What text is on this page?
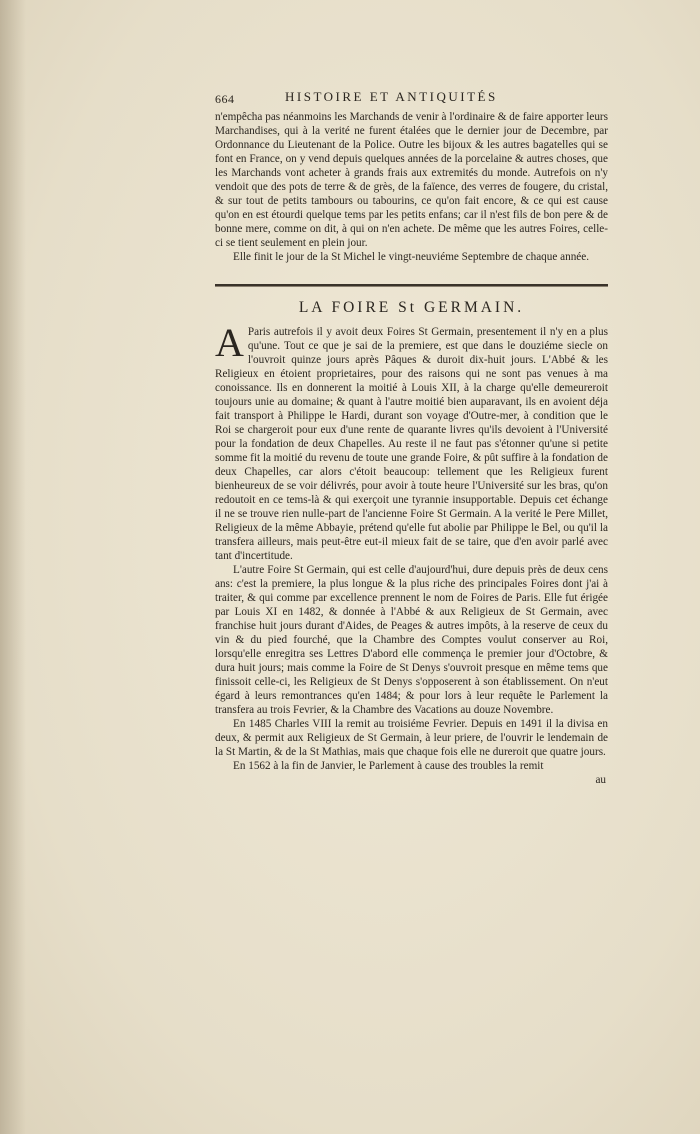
664	HISTOIRE ET ANTIQUITÉS

n'empêcha pas néanmoins les Marchands de venir à l'ordinaire & de faire apporter leurs Marchandises, qui à la verité ne furent étalées que le dernier jour de Decembre, par Ordonnance du Lieutenant de la Police. Outre les bijoux & les autres bagatelles qui se font en France, on y vend depuis quelques années de la porcelaine & autres choses, que les Marchands vont acheter à grands frais aux extremités du monde. Autrefois on n'y vendoit que des pots de terre & de grès, de la faïence, des verres de fougere, du cristal, & sur tout de petits tambours ou tabourins, ce qu'on fait encore, & ce qui est cause qu'on en est étourdi quelque tems par les petits enfans; car il n'est fils de bon pere & de bonne mere, comme on dit, à qui on n'en achete. De même que les autres Foires, celle-ci se tient seulement en plein jour.

Elle finit le jour de la St Michel le vingt-neuviéme Septembre de chaque année.

LA FOIRE St GERMAIN.

A Paris autrefois il y avoit deux Foires St Germain, presentement il n'y en a plus qu'une. Tout ce que je sai de la premiere, est que dans le douziéme siecle on l'ouvroit quinze jours après Pâques & duroit dix-huit jours. L'Abbé & les Religieux en étoient proprietaires, pour des raisons qui ne sont pas venues à ma conoissance. Ils en donnerent la moitié à Louis XII, à la charge qu'elle demeureroit toujours unie au domaine; & quant à l'autre moitié bien auparavant, ils en avoient déja fait transport à Philippe le Hardi, durant son voyage d'Outre-mer, à condition que le Roi se chargeroit pour eux d'une rente de quarante livres qu'ils devoient à l'Université pour la fondation de deux Chapelles. Au reste il ne faut pas s'étonner qu'une si petite somme fit la moitié du revenu de toute une grande Foire, & pût suffire à la fondation de deux Chapelles, car alors c'étoit beaucoup: tellement que les Religieux furent bienheureux de se voir délivrés, pour avoir à toute heure l'Université sur les bras, qu'on redoutoit en ce tems-là & qui exerçoit une tyrannie insupportable. Depuis cet échange il ne se trouve rien nulle-part de l'ancienne Foire St Germain. A la verité le Pere Millet, Religieux de la même Abbayie, prétend qu'elle fut abolie par Philippe le Bel, ou qu'il la transfera ailleurs, mais peut-être eut-il mieux fait de se taire, que d'en avoir parlé avec tant d'incertitude.

L'autre Foire St Germain, qui est celle d'aujourd'hui, dure depuis près de deux cens ans: c'est la premiere, la plus longue & la plus riche des principales Foires dont j'ai à traiter, & qui comme par excellence prennent le nom de Foires de Paris. Elle fut érigée par Louis XI en 1482, & donnée à l'Abbé & aux Religieux de St Germain, avec franchise huit jours durant d'Aides, de Peages & autres impôts, à la reserve de ceux du vin & du pied fourché, que la Chambre des Comptes voulut conserver au Roi, lorsqu'elle enregitra ses Lettres D'abord elle commença le premier jour d'Octobre, & dura huit jours; mais comme la Foire de St Denys s'ouvroit presque en même tems que finissoit celle-ci, les Religieux de St Denys s'opposerent à son établissement. On n'eut égard à leurs remontrances qu'en 1484; & pour lors à leur requête le Parlement la transfera au trois Fevrier, & la Chambre des Vacations au douze Novembre.

En 1485 Charles VIII la remit au troisiéme Fevrier. Depuis en 1491 il la divisa en deux, & permit aux Religieux de St Germain, à leur priere, de l'ouvrir le lendemain de la St Martin, & de la St Mathias, mais que chaque fois elle ne dureroit que quatre jours.

En 1562 à la fin de Janvier, le Parlement à cause des troubles la remit

au
